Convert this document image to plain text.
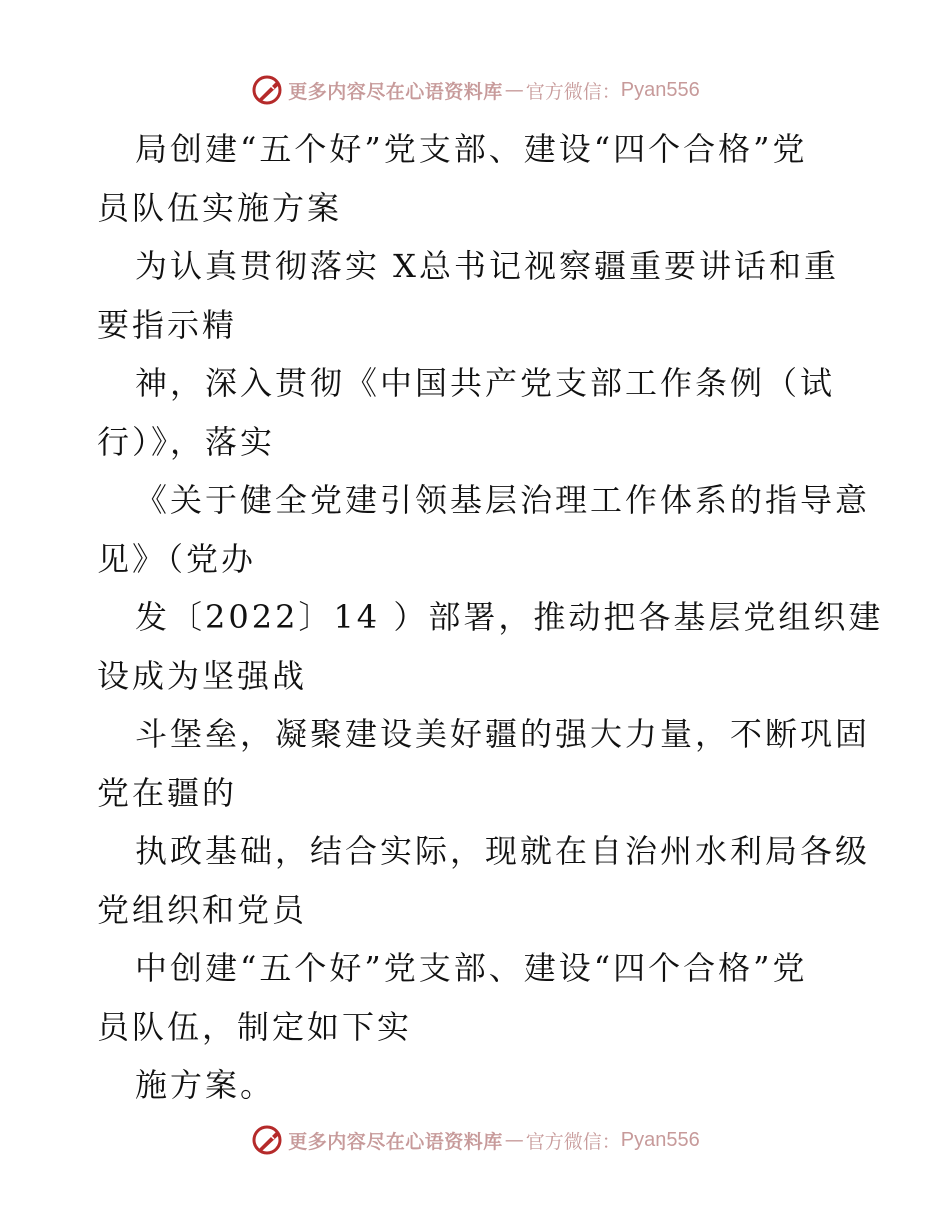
更多内容尽在心语资料库 — 官方微信： Pyan556
局创建“五个好”党支部、建设“四个合格”党
员队伍实施方案
为认真贯彻落实 X总书记视察疆重要讲话和重
要指示精
神，深入贯彻《中国共产党支部工作条例（试
行）》，落实
《关于健全党建引领基层治理工作体系的指导意
见》（党办
发〔2022〕14 ）部署，推动把各基层党组织建
设成为坚强战
斗堡垒，凝聚建设美好疆的强大力量，不断巩固
党在疆的
执政基础，结合实际，现就在自治州水利局各级
党组织和党员
中创建“五个好”党支部、建设“四个合格”党
员队伍，制定如下实
施方案。
更多内容尽在心语资料库 — 官方微信： Pyan556
